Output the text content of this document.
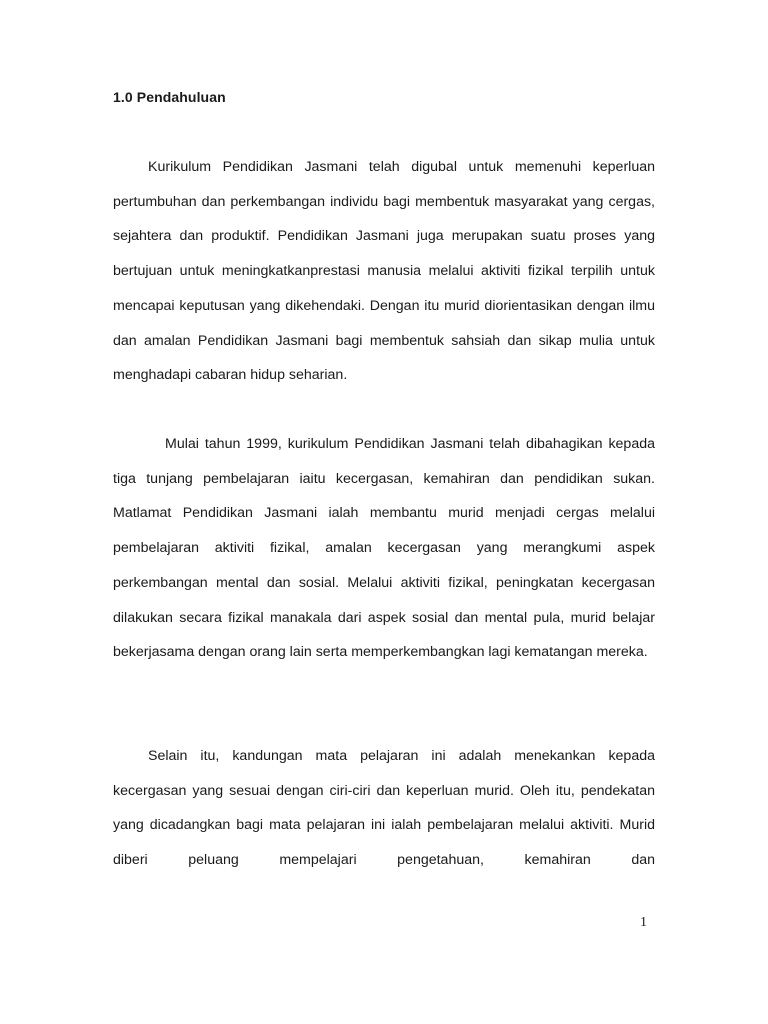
1.0 Pendahuluan

Kurikulum Pendidikan Jasmani telah digubal untuk memenuhi keperluan pertumbuhan dan perkembangan individu bagi membentuk masyarakat yang cergas, sejahtera dan produktif. Pendidikan Jasmani juga merupakan suatu proses yang bertujuan untuk meningkatkanprestasi manusia melalui aktiviti fizikal terpilih untuk mencapai keputusan yang dikehendaki. Dengan itu murid diorientasikan dengan ilmu dan amalan Pendidikan Jasmani bagi membentuk sahsiah dan sikap mulia untuk menghadapi cabaran hidup seharian.

Mulai tahun 1999, kurikulum Pendidikan Jasmani telah dibahagikan kepada tiga tunjang pembelajaran iaitu kecergasan, kemahiran dan pendidikan sukan. Matlamat Pendidikan Jasmani ialah membantu murid menjadi cergas melalui pembelajaran aktiviti fizikal, amalan kecergasan yang merangkumi aspek perkembangan mental dan sosial. Melalui aktiviti fizikal, peningkatan kecergasan dilakukan secara fizikal manakala dari aspek sosial dan mental pula, murid belajar bekerjasama dengan orang lain serta memperkembangkan lagi kematangan mereka.

Selain itu, kandungan mata pelajaran ini adalah menekankan kepada kecergasan yang sesuai dengan ciri-ciri dan keperluan murid. Oleh itu, pendekatan yang dicadangkan bagi mata pelajaran ini ialah pembelajaran melalui aktiviti. Murid diberi peluang mempelajari pengetahuan, kemahiran dan

1
